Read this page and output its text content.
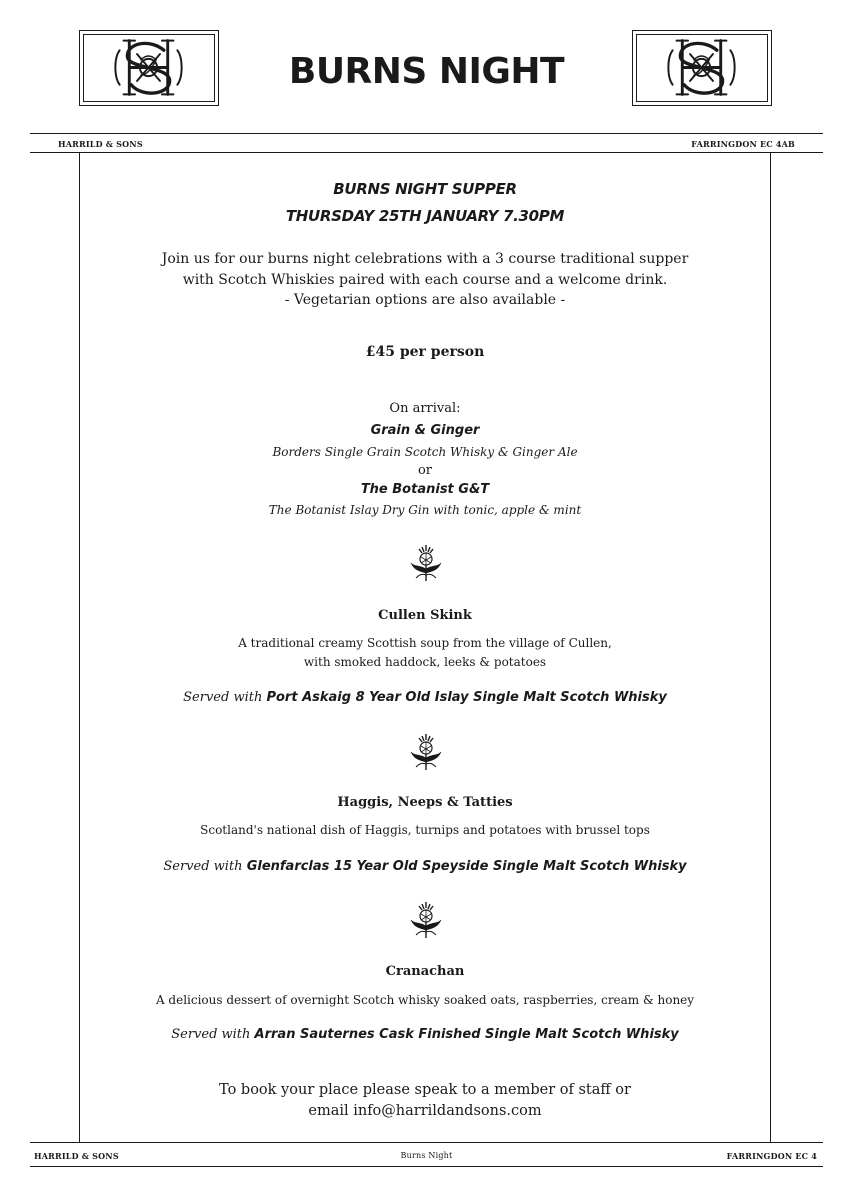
BURNS NIGHT
HARRILD & SONS	FARRINGDON EC 4AB
HARRILD & SONS	Burns Night	FARRINGDON EC 4
BURNS NIGHT SUPPER
THURSDAY 25TH JANUARY 7.30PM
Join us for our burns night celebrations with a 3 course traditional supper
with Scotch Whiskies paired with each course and a welcome drink.
- Vegetarian options are also available -
£45 per person
On arrival:
Grain & Ginger
Borders Single Grain Scotch Whisky & Ginger Ale
or
The Botanist G&T
The Botanist Islay Dry Gin with tonic, apple & mint
Cullen Skink
A traditional creamy Scottish soup from the village of Cullen,
with smoked haddock, leeks & potatoes
Served with Port Askaig 8 Year Old Islay Single Malt Scotch Whisky
Haggis, Neeps & Tatties
Scotland's national dish of Haggis, turnips and potatoes with brussel tops
Served with Glenfarclas 15 Year Old Speyside Single Malt Scotch Whisky
Cranachan
A delicious dessert of overnight Scotch whisky soaked oats, raspberries, cream & honey
Served with Arran Sauternes Cask Finished Single Malt Scotch Whisky
To book your place please speak to a member of staff or
email info@harrildandsons.com
